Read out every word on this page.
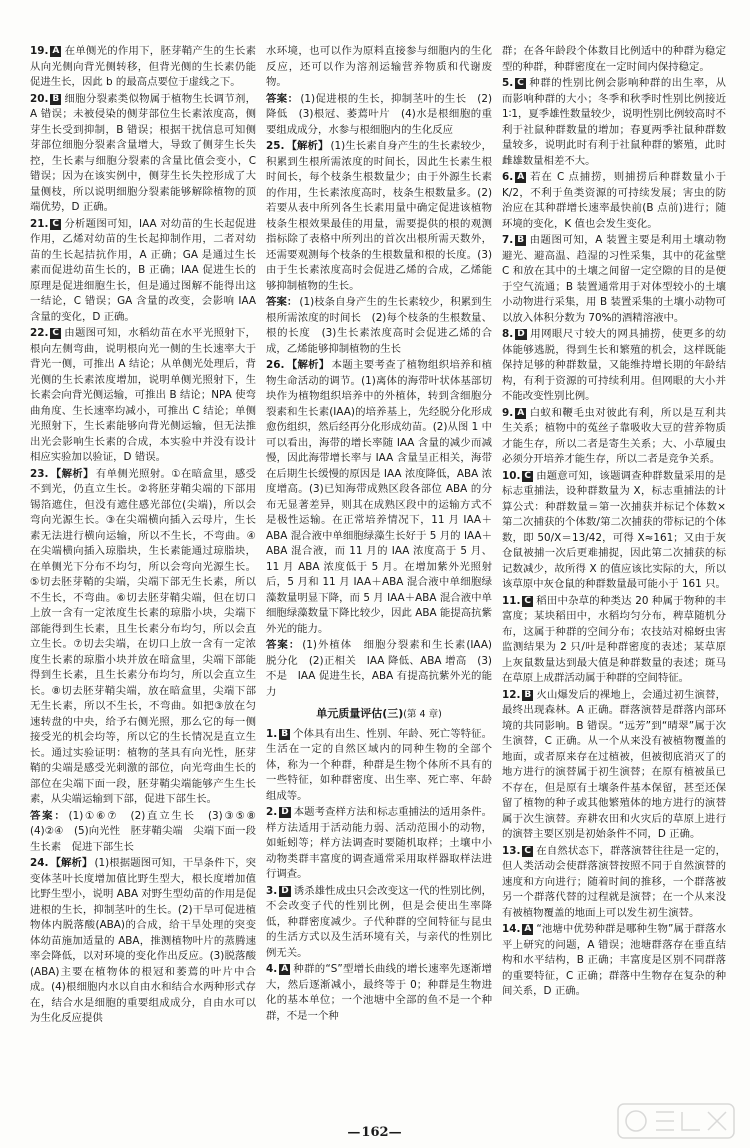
19. A 在单侧光的作用下，胚芽鞘产生的生长素从向光侧向背光侧转移，但背光侧的生长素仍能促进生长，因此 b 的最高点要位于虚线之下。
20. B 细胞分裂素类似物属于植物生长调节剂，A 错误；未被侵染的侧芽部位生长素浓度高，侧芽生长受到抑制，B 错误；根据干扰信息可知侧芽部位细胞分裂素含量增大，导致了侧芽生长失控，生长素与细胞分裂素的含量比值会变小，C 错误；因为在该实例中，侧芽生长失控形成了大量侧枝，所以说明细胞分裂素能够解除植物的顶端优势，D 正确。
21. C 分析题图可知，IAA 对幼苗的生长起促进作用，乙烯对幼苗的生长起抑制作用，二者对幼苗的生长起拮抗作用，A 正确；GA 是通过生长素而促进幼苗生长的，B 正确；IAA 促进生长的原理是促进细胞生长，但是通过图解不能得出这一结论，C 错误；GA 含量的改变，会影响 IAA 含量的变化，D 正确。
22. C 由题图可知，水稻幼苗在水平光照射下，根向左侧弯曲，说明根向光一侧的生长速率大于背光一侧，可推出 A 结论；从单侧光处理后，背光侧的生长素浓度增加，说明单侧光照射下，生长素会向背光侧运输，可推出 B 结论；NPA 使弯曲角度、生长速率均减小，可推出 C 结论；单侧光照射下，生长素能够向背光侧运输，但无法推出光会影响生长素的合成，本实验中并没有设计相应实验加以验证，D 错误。
23. 【解析】 有单侧光照射。①在暗盒里，感受不到光，仍直立生长。②将胚芽鞘尖端的下部用锡箔遮住，但没有遮住感光部位(尖端)，所以会弯向光源生长。③在尖端横向插入云母片，生长素无法进行横向运输，所以不生长，不弯曲。④在尖端横向插入琼脂块，生长素能通过琼脂块，在单侧光下分布不均匀，所以会弯向光源生长。⑤切去胚芽鞘的尖端，尖端下部无生长素，所以不生长，不弯曲。⑥切去胚芽鞘尖端，但在切口上放一含有一定浓度生长素的琼脂小块，尖端下部能得到生长素，且生长素分布均匀，所以会直立生长。⑦切去尖端，在切口上放一含有一定浓度生长素的琼脂小块并放在暗盒里，尖端下部能得到生长素，且生长素分布均匀，所以会直立生长。⑧切去胚芽鞘尖端，放在暗盒里，尖端下部无生长素，所以不生长，不弯曲。如把③放在匀速转盘的中央，给予右侧光照，那么它的每一侧接受光的机会均等，所以它的生长情况是直立生长。通过实验证明：植物的茎具有向光性，胚芽鞘的尖端是感受光刺激的部位，向光弯曲生长的部位在尖端下面一段，胚芽鞘尖端能够产生生长素，从尖端运输到下部，促进下部生长。
答案： (1)①⑥⑦　(2)直立生长　(3)③⑤⑧　(4)②④　(5)向光性　胚芽鞘尖端　尖端下面一段　生长素　促进下部生长
24. 【解析】 (1)根据题图可知，干旱条件下，突变体茎叶长度增加值比野生型大，根长度增加值比野生型小，说明 ABA 对野生型幼苗的作用是促进根的生长，抑制茎叶的生长。(2)干旱可促进植物体内脱落酸(ABA)的合成，给干旱处理的突变体幼苗施加适量的 ABA，推测植物叶片的蒸腾速率会降低，以对环境的变化作出反应。(3)脱落酸(ABA)主要在植物体的根冠和萎蔫的叶片中合成。(4)根细胞内水以自由水和结合水两种形式存在，结合水是细胞的重要组成成分，自由水可以为生化反应提供
水环境，也可以作为原料直接参与细胞内的生化反应，还可以作为溶剂运输营养物质和代谢废物。
答案： (1)促进根的生长，抑制茎叶的生长　(2)降低　(3)根冠、萎蔫叶片　(4)水是根细胞的重要组成成分，水参与根细胞内的生化反应
25. 【解析】 (1)生长素自身产生的生长素较少，积累到生根所需浓度的时间长，因此生长素生根时间长，每个枝条生根数量少；由于外源生长素的作用，生长素浓度高时，枝条生根数量多。(2)若要从表中所列各生长素用量中确定促进该植物枝条生根效果最佳的用量，需要提供的根的观测指标除了表格中所列出的首次出根所需天数外，还需要观测每个枝条的生根数量和根的长度。(3)由于生长素浓度高时会促进乙烯的合成，乙烯能够抑制植物的生长。
答案： (1)枝条自身产生的生长素较少，积累到生根所需浓度的时间长　(2)每个枝条的生根数量、根的长度　(3)生长素浓度高时会促进乙烯的合成，乙烯能够抑制植物的生长
26. 【解析】 本题主要考查了植物组织培养和植物生命活动的调节。(1)离体的海带叶状体基部切块作为植物组织培养中的外植体，转到含细胞分裂素和生长素(IAA)的培养基上，先经脱分化形成愈伤组织，然后经再分化形成幼苗。(2)从图 1 中可以看出，海带的增长率随 IAA 含量的减少而减慢，因此海带增长率与 IAA 含量呈正相关，海带在后期生长缓慢的原因是 IAA 浓度降低，ABA 浓度增高。(3)已知海带成熟区段各部位 ABA 的分布无显著差异，则其在成熟区段中的运输方式不是极性运输。在正常培养情况下，11 月 IAA＋ABA 混合液中单细胞绿藻生长好于 5 月的 IAA＋ABA 混合液，而 11 月的 IAA 浓度高于 5 月、11 月 ABA 浓度低于 5 月。在增加紫外光照射后，5 月和 11 月 IAA＋ABA 混合液中单细胞绿藻数量明显下降，而 5 月 IAA＋ABA 混合液中单细胞绿藻数量下降比较少，因此 ABA 能提高抗紫外光的能力。
答案： (1)外植体　细胞分裂素和生长素(IAA)　脱分化　(2)正相关　IAA 降低、ABA 增高　(3)不是　IAA 促进生长，ABA 有提高抗紫外光的能力
单元质量评估(三)(第 4 章)
1. B 个体具有出生、性别、年龄、死亡等特征。生活在一定的自然区域内的同种生物的全部个体，称为一个种群，种群是生物个体所不具有的一些特征，如种群密度、出生率、死亡率、年龄组成等。
2. D 本题考查样方法和标志重捕法的适用条件。样方法适用于活动能力弱、活动范围小的动物，如蚯蚓等；样方法调查时要随机取样；土壤中小动物类群丰富度的调查通常采用取样器取样法进行调查。
3. D 诱杀雄性成虫只会改变这一代的性别比例，不会改变子代的性别比例，但是会使出生率降低，种群密度减少。子代种群的空间特征与昆虫的生活方式以及生活环境有关，与亲代的性别比例无关。
4. A 种群的“S”型增长曲线的增长速率先逐渐增大，然后逐渐减小，最终等于 0；种群是生物进化的基本单位；一个池塘中全部的鱼不是一个种群，不是一个种
群；在各年龄段个体数目比例适中的种群为稳定型的种群，种群密度在一定时间内保持稳定。
5. C 种群的性别比例会影响种群的出生率，从而影响种群的大小；冬季和秋季时性别比例接近 1∶1，夏季雄性数量较少，说明性别比例较高时不利于社鼠种群数量的增加；春夏两季社鼠种群数量较多，说明此时有利于社鼠种群的繁殖，此时雌雄数量相差不大。
6. A 若在 C 点捕捞，则捕捞后种群数量小于 K/2，不利于鱼类资源的可持续发展；害虫的防治应在其种群增长速率最快前(B 点前)进行；随环境的变化，K 值也会发生变化。
7. B 由题图可知，A 装置主要是利用土壤动物避光、避高温、趋湿的习性采集，其中的花盆壁 C 和放在其中的土壤之间留一定空隙的目的是便于空气流通；B 装置通常用于对体型较小的土壤小动物进行采集，用 B 装置采集的土壤小动物可以放入体积分数为 70%的酒精溶液中。
8. D 用网眼尺寸较大的网具捕捞，使更多的幼体能够逃脱，得到生长和繁殖的机会，这样既能保持足够的种群数量，又能维持增长期的年龄结构，有利于资源的可持续利用。但网眼的大小并不能改变性别比例。
9. A 白蚁和鞭毛虫对彼此有利，所以是互利共生关系；植物中的菟丝子靠吸收大豆的营养物质才能生存，所以二者是寄生关系；大、小草履虫必须分开培养才能生存，所以二者是竞争关系。
10. C 由题意可知，该题调查种群数量采用的是标志重捕法，设种群数量为 X，标志重捕法的计算公式：种群数量＝第一次捕获并标记个体数×第二次捕获的个体数/第二次捕获的带标记的个体数，即 50/X＝13/42，可得 X≈161；又由于灰仓鼠被捕一次后更难捕捉，因此第二次捕获的标记数减少，故所得 X 的值应该比实际的大，所以该草原中灰仓鼠的种群数量最可能小于 161 只。
11. C 稻田中杂草的种类达 20 种属于物种的丰富度；某块稻田中，水稻均匀分布，稗草随机分布，这属于种群的空间分布；农技站对棉蚜虫害监测结果为 2 只/叶是种群密度的表述；某草原上灰鼠数量达到最大值是种群数量的表述；斑马在草原上成群活动属于种群的空间特征。
12. B 火山爆发后的裸地上，会通过初生演替，最终出现森林。A 正确。群落演替是群落内部环境的共同影响。B 错误。“远芳”到“晴翠”属于次生演替，C 正确。从一个从来没有被植物覆盖的地面，或者原来存在过植被，但被彻底消灭了的地方进行的演替属于初生演替；在原有植被虽已不存在，但是原有土壤条件基本保留，甚至还保留了植物的种子或其他繁殖体的地方进行的演替属于次生演替。弃耕农田和火灾后的草原上进行的演替主要区别是初始条件不同，D 正确。
13. C 在自然状态下，群落演替往往是一定的，但人类活动会使群落演替按照不同于自然演替的速度和方向进行；随着时间的推移，一个群落被另一个群落代替的过程就是演替；在一个从来没有被植物覆盖的地面上可以发生初生演替。
14. A “池塘中优势种群是哪种生物”属于群落水平上研究的问题，A 错误；池塘群落存在垂直结构和水平结构，B 正确；丰富度是区别不同群落的重要特征，C 正确；群落中生物存在复杂的种间关系，D 正确。
—162—
